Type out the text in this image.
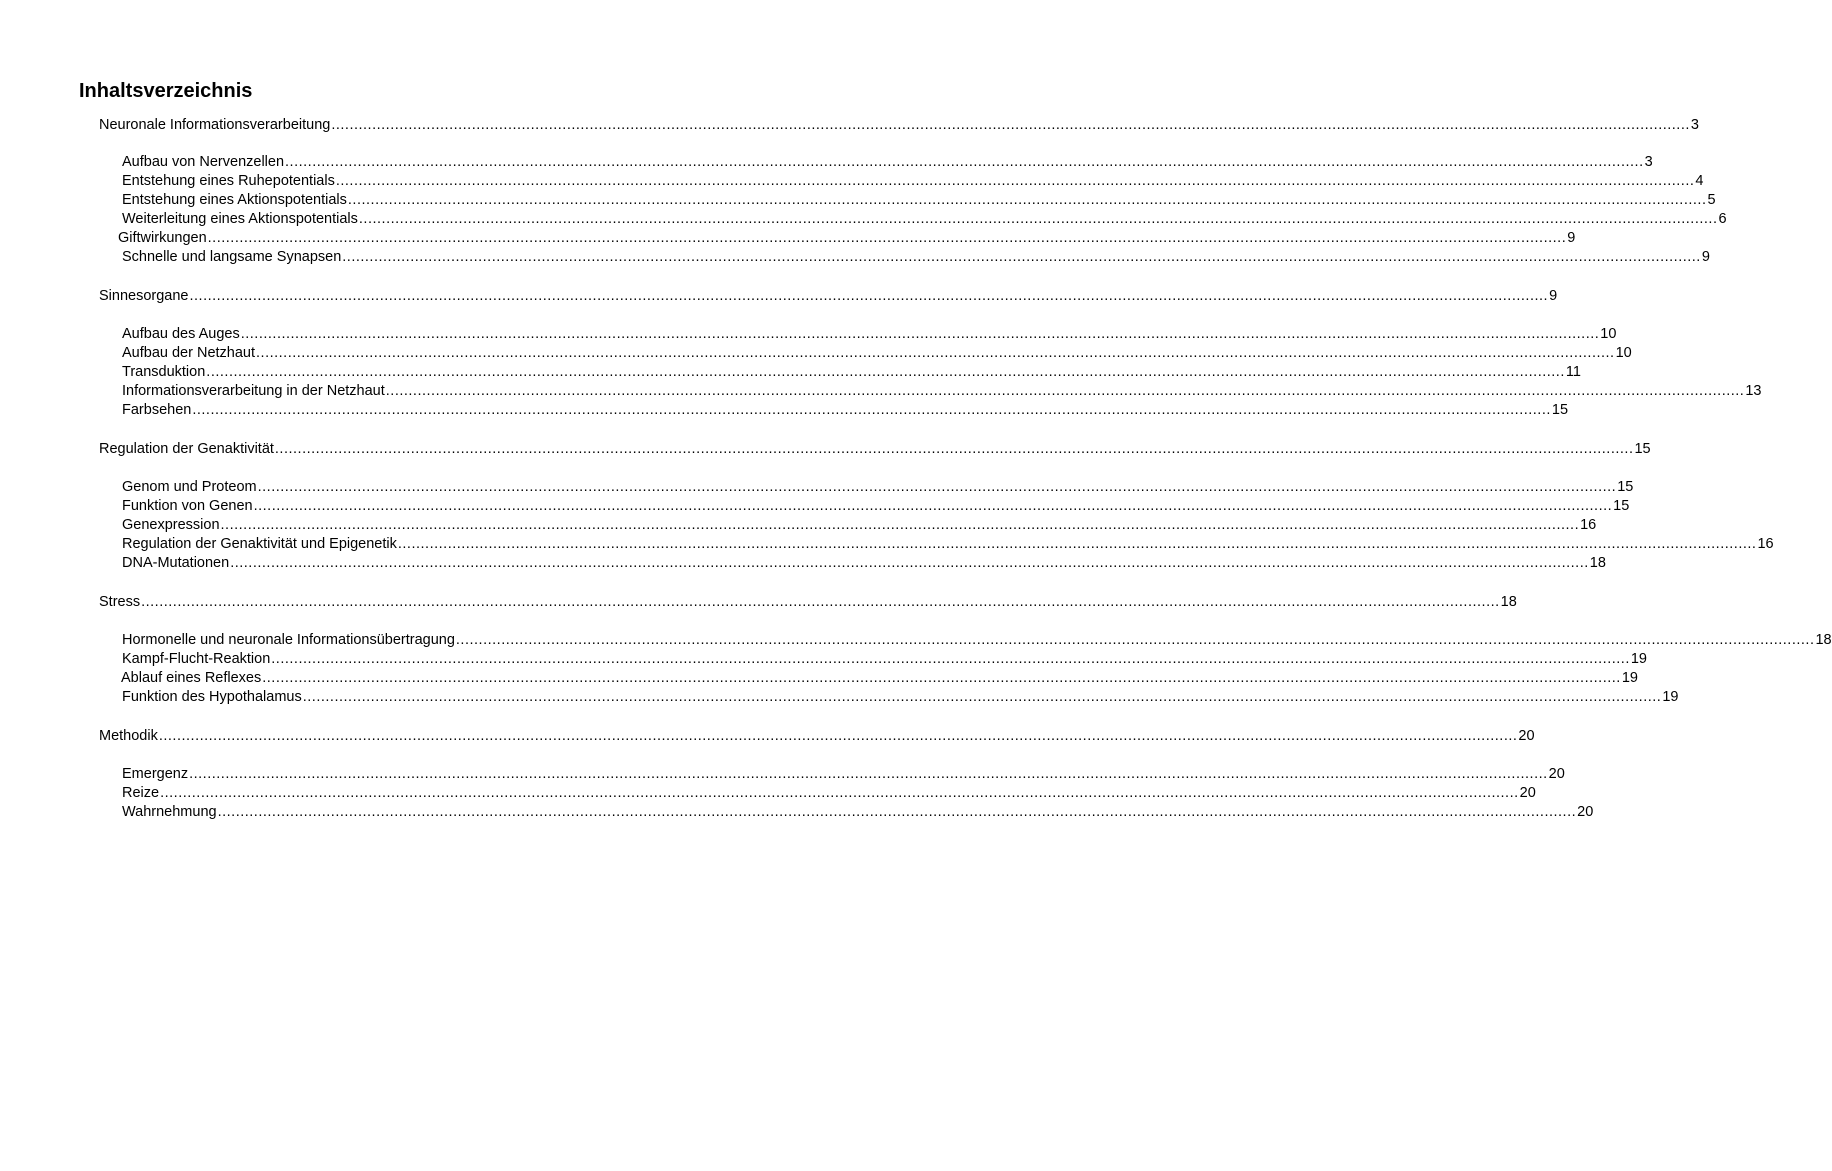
Inhaltsverzeichnis
Neuronale Informationsverarbeitung ............................................................................................................................................................................................................................................................................................................ 3
Aufbau von Nervenzellen ............................................................................................................................................................................................................................................................................................................ 3
Entstehung eines Ruhepotentials ............................................................................................................................................................................................................................................................................................................ 4
Entstehung eines Aktionspotentials ............................................................................................................................................................................................................................................................................................................ 5
Weiterleitung eines Aktionspotentials ............................................................................................................................................................................................................................................................................................................ 6
Giftwirkungen ............................................................................................................................................................................................................................................................................................................ 9
Schnelle und langsame Synapsen ............................................................................................................................................................................................................................................................................................................ 9
Sinnesorgane ............................................................................................................................................................................................................................................................................................................ 9
Aufbau des Auges ............................................................................................................................................................................................................................................................................................................ 10
Aufbau der Netzhaut ............................................................................................................................................................................................................................................................................................................ 10
Transduktion ............................................................................................................................................................................................................................................................................................................ 11
Informationsverarbeitung in der Netzhaut ............................................................................................................................................................................................................................................................................................................ 13
Farbsehen ............................................................................................................................................................................................................................................................................................................ 15
Regulation der Genaktivität ............................................................................................................................................................................................................................................................................................................ 15
Genom und Proteom ............................................................................................................................................................................................................................................................................................................ 15
Funktion von Genen ............................................................................................................................................................................................................................................................................................................ 15
Genexpression ............................................................................................................................................................................................................................................................................................................ 16
Regulation der Genaktivität und Epigenetik ............................................................................................................................................................................................................................................................................................................ 16
DNA-Mutationen ............................................................................................................................................................................................................................................................................................................ 18
Stress ............................................................................................................................................................................................................................................................................................................ 18
Hormonelle und neuronale Informationsübertragung ............................................................................................................................................................................................................................................................................................................ 18
Kampf-Flucht-Reaktion ............................................................................................................................................................................................................................................................................................................ 19
Ablauf eines Reflexes ............................................................................................................................................................................................................................................................................................................ 19
Funktion des Hypothalamus ............................................................................................................................................................................................................................................................................................................ 19
Methodik ............................................................................................................................................................................................................................................................................................................ 20
Emergenz ............................................................................................................................................................................................................................................................................................................ 20
Reize ............................................................................................................................................................................................................................................................................................................ 20
Wahrnehmung ............................................................................................................................................................................................................................................................................................................ 20
